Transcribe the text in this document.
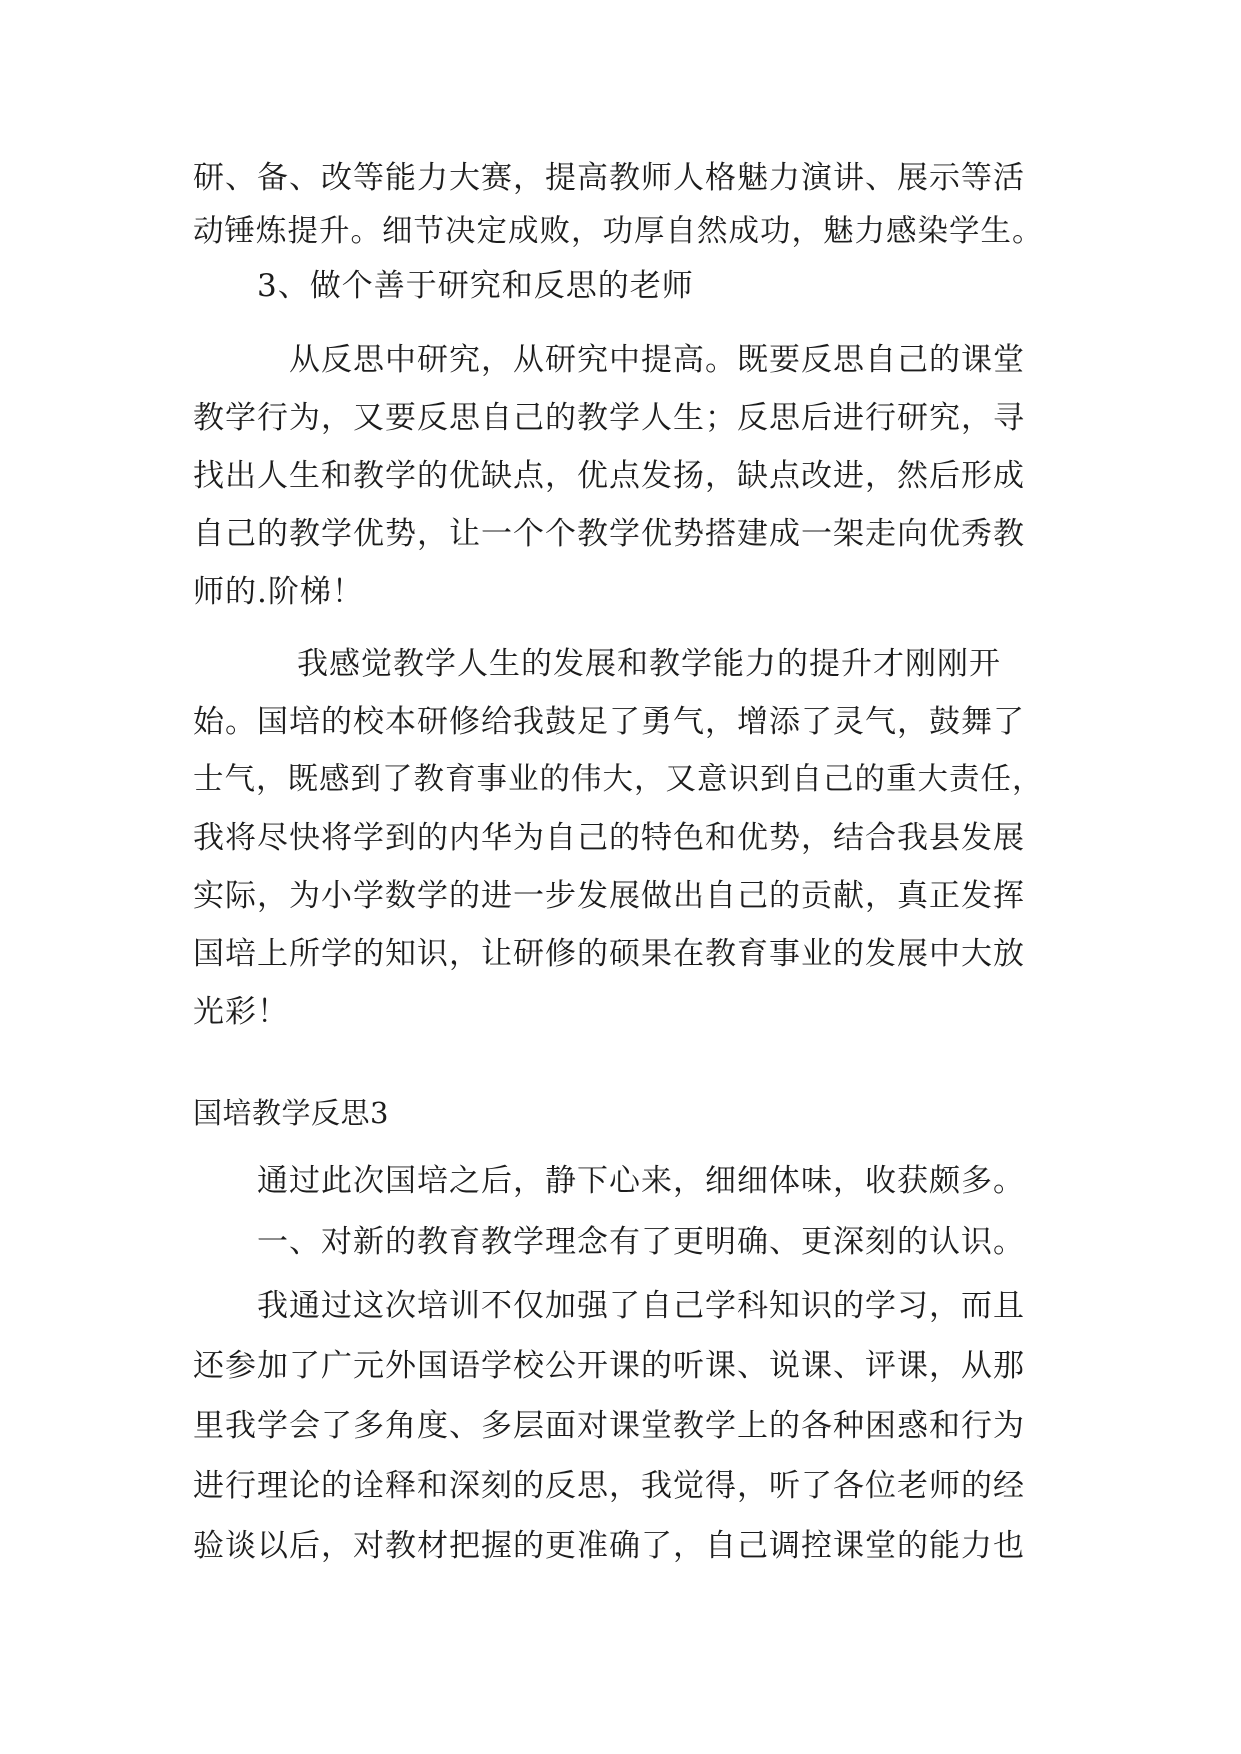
研、备、改等能力大赛，提高教师人格魅力演讲、展示等活
动锤炼提升。细节决定成败，功厚自然成功，魅力感染学生。
3、做个善于研究和反思的老师
从反思中研究，从研究中提高。既要反思自己的课堂
教学行为，又要反思自己的教学人生；反思后进行研究，寻
找出人生和教学的优缺点，优点发扬，缺点改进，然后形成
自己的教学优势，让一个个教学优势搭建成一架走向优秀教
师的.阶梯！
我感觉教学人生的发展和教学能力的提升才刚刚开
始。国培的校本研修给我鼓足了勇气，增添了灵气，鼓舞了
士气，既感到了教育事业的伟大，又意识到自己的重大责任，
我将尽快将学到的内华为自己的特色和优势，结合我县发展
实际，为小学数学的进一步发展做出自己的贡献，真正发挥
国培上所学的知识，让研修的硕果在教育事业的发展中大放
光彩！
国培教学反思3
通过此次国培之后，静下心来，细细体味，收获颇多。
一、对新的教育教学理念有了更明确、更深刻的认识。
我通过这次培训不仅加强了自己学科知识的学习，而且
还参加了广元外国语学校公开课的听课、说课、评课，从那
里我学会了多角度、多层面对课堂教学上的各种困惑和行为
进行理论的诠释和深刻的反思，我觉得，听了各位老师的经
验谈以后，对教材把握的更准确了，自己调控课堂的能力也
